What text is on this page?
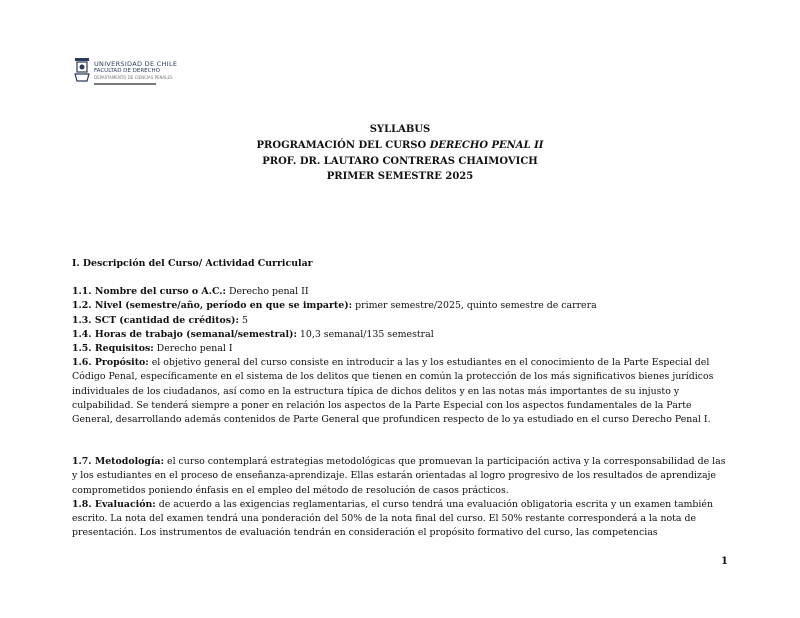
UNIVERSIDAD DE CHILE
FACULTAD DE DERECHO
DEPARTAMENTO DE CIENCIAS PENALES
SYLLABUS
PROGRAMACIÓN DEL CURSO DERECHO PENAL II
PROF. DR. LAUTARO CONTRERAS CHAIMOVICH
PRIMER SEMESTRE 2025

I. Descripción del Curso/ Actividad Curricular

1.1. Nombre del curso o A.C.: Derecho penal II

1.2. Nivel (semestre/año, período en que se imparte): primer semestre/2025, quinto semestre de carrera

1.3. SCT (cantidad de créditos): 5

1.4. Horas de trabajo (semanal/semestral): 10,3 semanal/135 semestral

1.5. Requisitos: Derecho penal I

1.6. Propósito: el objetivo general del curso consiste en introducir a las y los estudiantes en el conocimiento de la Parte Especial del Código Penal, específicamente en el sistema de los delitos que tienen en común la protección de los más significativos bienes jurídicos individuales de los ciudadanos, así como en la estructura típica de dichos delitos y en las notas más importantes de su injusto y culpabilidad. Se tenderá siempre a poner en relación los aspectos de la Parte Especial con los aspectos fundamentales de la Parte General, desarrollando además contenidos de Parte General que profundicen respecto de lo ya estudiado en el curso Derecho Penal I.

1.7. Metodología: el curso contemplará estrategias metodológicas que promuevan la participación activa y la corresponsabilidad de las y los estudiantes en el proceso de enseñanza-aprendizaje. Ellas estarán orientadas al logro progresivo de los resultados de aprendizaje comprometidos poniendo énfasis en el empleo del método de resolución de casos prácticos.

1.8. Evaluación: de acuerdo a las exigencias reglamentarias, el curso tendrá una evaluación obligatoria escrita y un examen también escrito. La nota del examen tendrá una ponderación del 50% de la nota final del curso. El 50% restante corresponderá a la nota de presentación. Los instrumentos de evaluación tendrán en consideración el propósito formativo del curso, las competencias

1
